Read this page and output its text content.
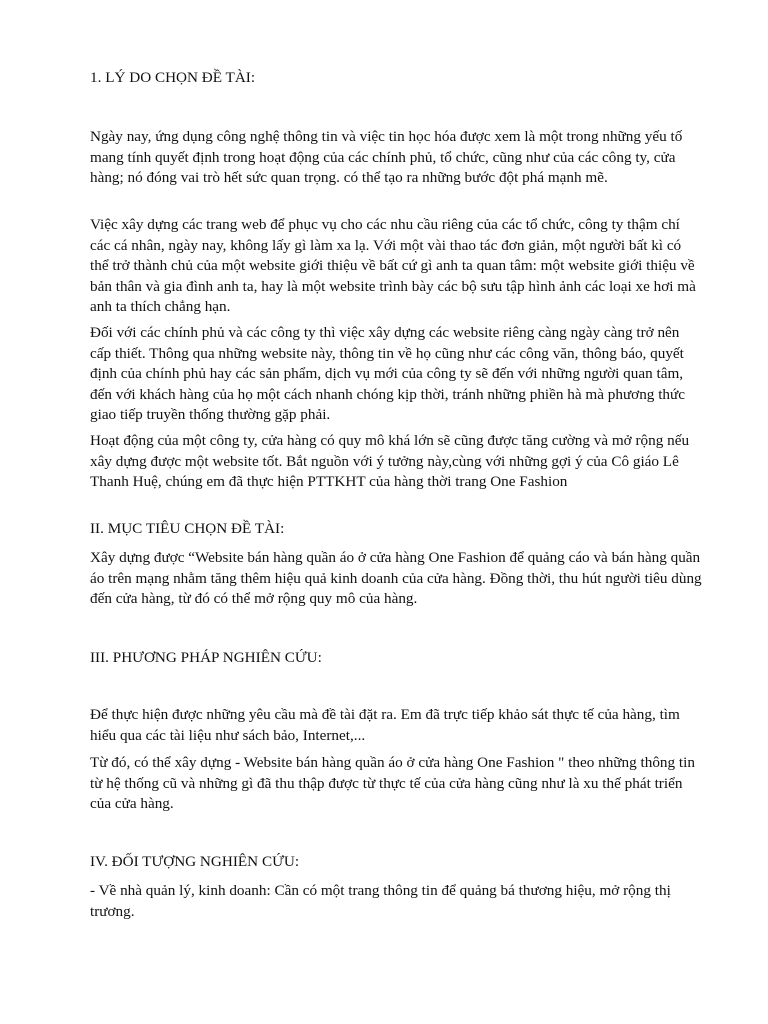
1. LÝ DO CHỌN ĐỀ TÀI:

Ngày nay, ứng dụng công nghệ thông tin và việc tin học hóa được xem là một trong những yếu tố mang tính quyết định trong hoạt động của các chính phủ, tổ chức, cũng như của các công ty, cửa hàng; nó đóng vai trò hết sức quan trọng. có thể tạo ra những bước đột phá mạnh mẽ.

Việc xây dựng các trang web để phục vụ cho các nhu cầu riêng của các tổ chức, công ty thậm chí các cá nhân, ngày nay, không lấy gì làm xa lạ. Với một vài thao tác đơn giản, một người bất kì có thể trở thành chủ của một website giới thiệu về bất cứ gì anh ta quan tâm: một website giới thiệu về bản thân và gia đình anh ta, hay là một website trình bày các bộ sưu tập hình ảnh các loại xe hơi mà anh ta thích chẳng hạn.

Đối với các chính phủ và các công ty thì việc xây dựng các website riêng càng ngày càng trở nên cấp thiết. Thông qua những website này, thông tin về họ cũng như các công văn, thông báo, quyết định của chính phủ hay các sản phẩm, dịch vụ mới của công ty sẽ đến với những người quan tâm, đến với khách hàng của họ một cách nhanh chóng kịp thời, tránh những phiền hà mà phương thức giao tiếp truyền thống thường gặp phải.

Hoạt động của một công ty, cửa hàng có quy mô khá lớn sẽ cũng được tăng cường và mở rộng nếu xây dựng được một website tốt. Bắt nguồn với ý tưởng này,cùng với những gợi ý của Cô giáo Lê Thanh Huệ, chúng em đã thực hiện PTTKHT của hàng thời trang One Fashion

II. MỤC TIÊU CHỌN ĐỀ TÀI:

Xây dựng được “Website bán hàng quần áo ở cửa hàng One Fashion để quảng cáo và bán hàng quần áo trên mạng nhằm tăng thêm hiệu quả kinh doanh của cửa hàng. Đồng thời, thu hút người tiêu dùng đến cửa hàng, từ đó có thể mở rộng quy mô của hàng.

III. PHƯƠNG PHÁP NGHIÊN CỨU:

Để thực hiện được những yêu cầu mà đề tài đặt ra. Em đã trực tiếp khảo sát thực tế của hàng, tìm hiểu qua các tài liệu như sách bảo, Internet,...

Từ đó, có thể xây dựng - Website bán hàng quần áo ở cửa hàng One Fashion " theo những thông tin từ hệ thống cũ và những gì đã thu thập được từ thực tế của cửa hàng cũng như là xu thế phát triển của cửa hàng.

IV. ĐỐI TƯỢNG NGHIÊN CỨU:

- Về nhà quản lý, kinh doanh: Cần có một trang thông tin để quảng bá thương hiệu, mở rộng thị trương.
